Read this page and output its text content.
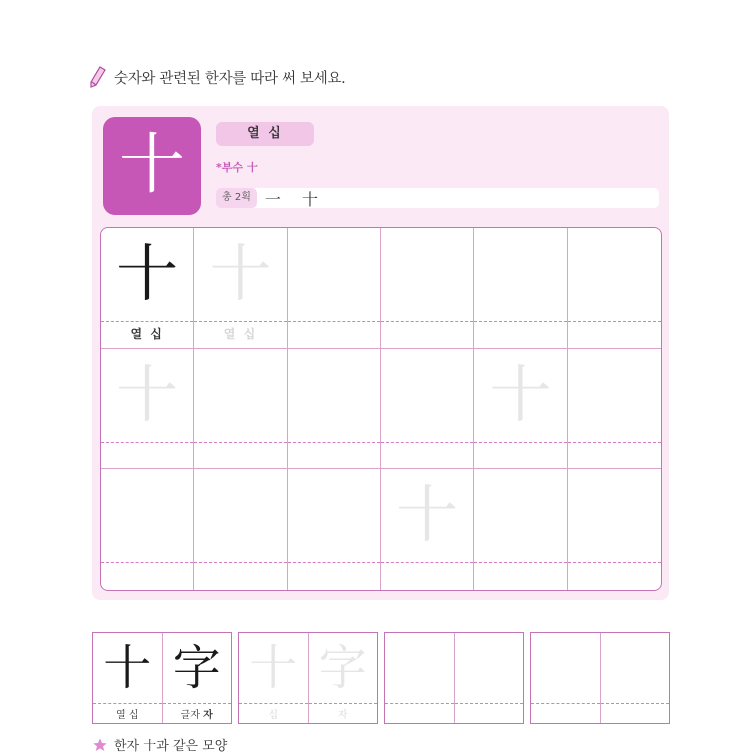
숫자와 관련된 한자를 따라 써 보세요.
十	열 십
*부수 十
총 2획 一 十
十
열 십
十
열 십
十	十
十
十
열 십
字
글자 자
十
십
字
자
한자 十과 같은 모양
